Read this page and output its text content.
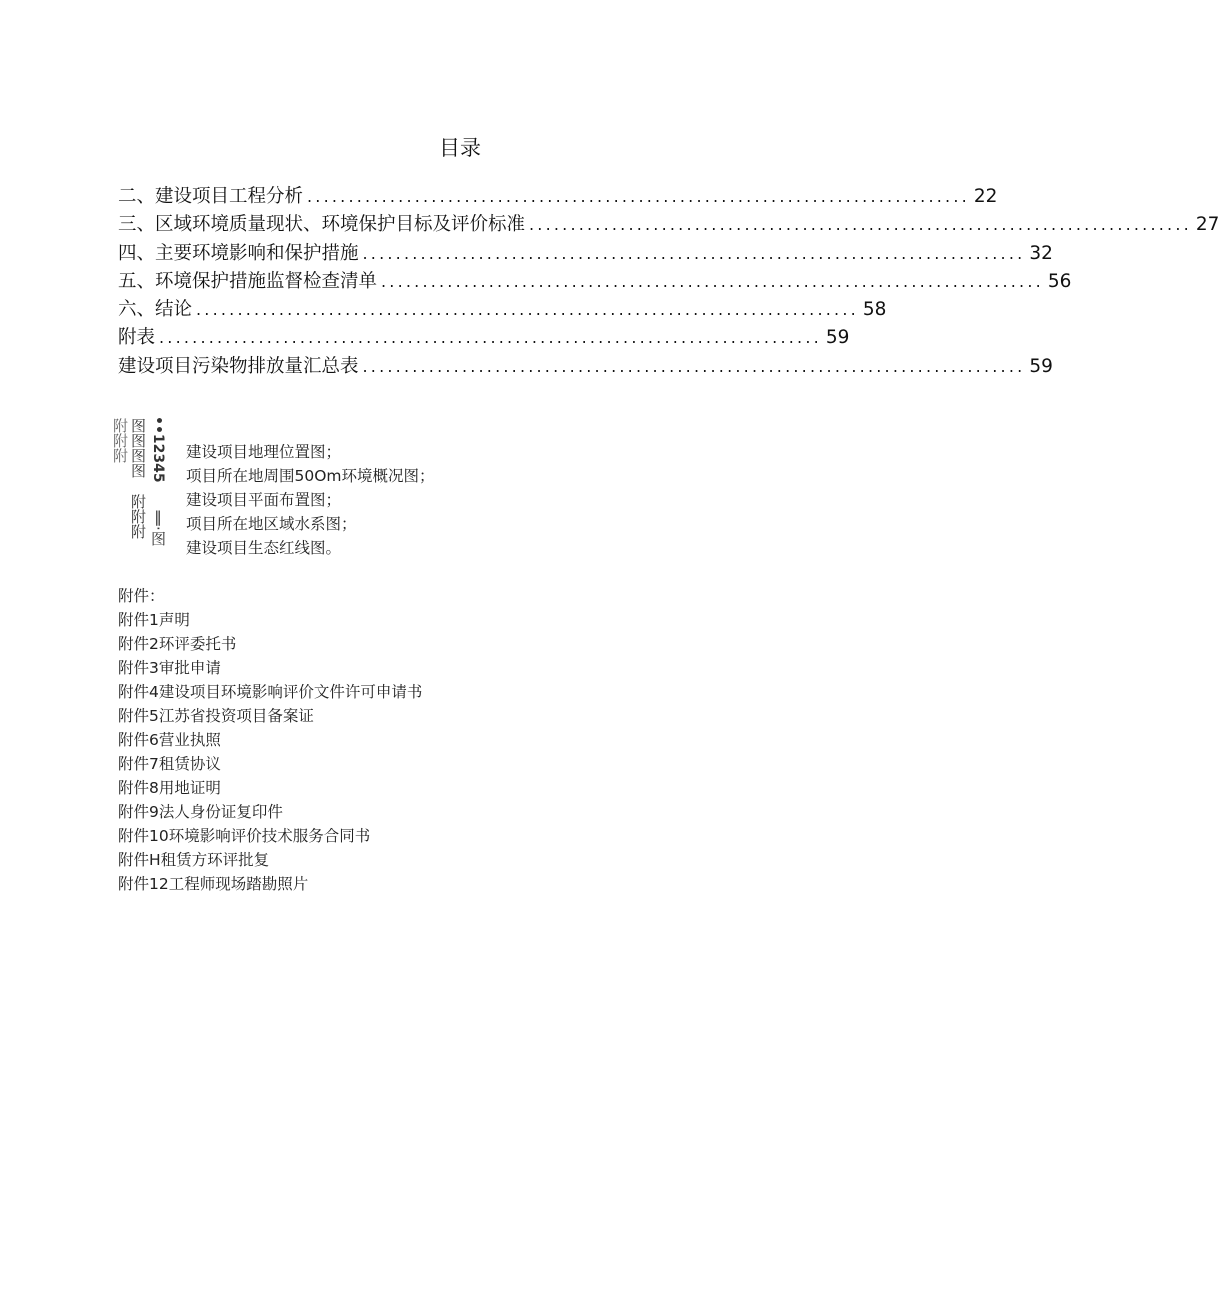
目录
二、建设项目工程分析 ................................................................................ 22
三、区域环境质量现状、环境保护目标及评价标准 ................................................................................ 27
四、主要环境影响和保护措施 ................................................................................ 32
五、环境保护措施监督检查清单 ................................................................................ 56
六、结论 ................................................................................ 58
附表 ................................................................................ 59
建设项目污染物排放量汇总表 ................................................................................ 59
附附附 图图图图
附附附
••12345
‖·图
建设项目地理位置图；
项目所在地周围50Om环境概况图；
建设项目平面布置图；
项目所在地区域水系图；
建设项目生态红线图。
附件：
附件1声明
附件2环评委托书
附件3审批申请
附件4建设项目环境影响评价文件许可申请书
附件5江苏省投资项目备案证
附件6营业执照
附件7租赁协议
附件8用地证明
附件9法人身份证复印件
附件10环境影响评价技术服务合同书
附件H租赁方环评批复
附件12工程师现场踏勘照片
